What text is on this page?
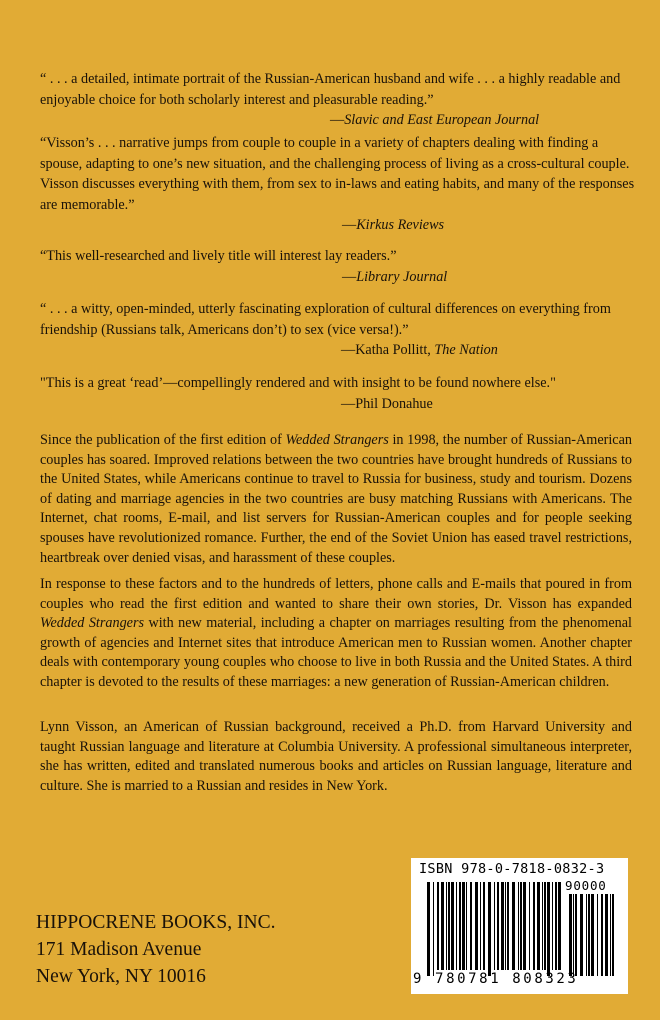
“ . . . a detailed, intimate portrait of the Russian-American husband and wife . . . a highly readable and enjoyable choice for both scholarly interest and pleasurable reading.”

—Slavic and East European Journal

“Visson’s . . . narrative jumps from couple to couple in a variety of chapters dealing with finding a spouse, adapting to one’s new situation, and the challenging process of living as a cross-cultural couple. Visson discusses everything with them, from sex to in-laws and eating habits, and many of the responses are memorable.”

—Kirkus Reviews

“This well-researched and lively title will interest lay readers.”

—Library Journal

“ . . . a witty, open-minded, utterly fascinating exploration of cultural differences on everything from friendship (Russians talk, Americans don’t) to sex (vice versa!).”

—Katha Pollitt, The Nation

"This is a great ‘read’—compellingly rendered and with insight to be found nowhere else."

—Phil Donahue

Since the publication of the first edition of Wedded Strangers in 1998, the number of Russian-American couples has soared. Improved relations between the two countries have brought hundreds of Russians to the United States, while Americans continue to travel to Russia for business, study and tourism. Dozens of dating and marriage agencies in the two countries are busy matching Russians with Americans. The Internet, chat rooms, E-mail, and list servers for Russian-American couples and for people seeking spouses have revolutionized romance. Further, the end of the Soviet Union has eased travel restrictions, heartbreak over denied visas, and harassment of these couples.

In response to these factors and to the hundreds of letters, phone calls and E-mails that poured in from couples who read the first edition and wanted to share their own stories, Dr. Visson has expanded Wedded Strangers with new material, including a chapter on marriages resulting from the phenomenal growth of agencies and Internet sites that introduce American men to Russian women. Another chapter deals with contemporary young couples who choose to live in both Russia and the United States. A third chapter is devoted to the results of these marriages: a new generation of Russian-American children.

Lynn Visson, an American of Russian background, received a Ph.D. from Harvard University and taught Russian language and literature at Columbia University. A professional simultaneous interpreter, she has written, edited and translated numerous books and articles on Russian language, literature and culture. She is married to a Russian and resides in New York.

HIPPOCRENE BOOKS, INC.
171 Madison Avenue
New York, NY 10016
ISBN 978-0-7818-0832-3
90000
9 780781 808323
